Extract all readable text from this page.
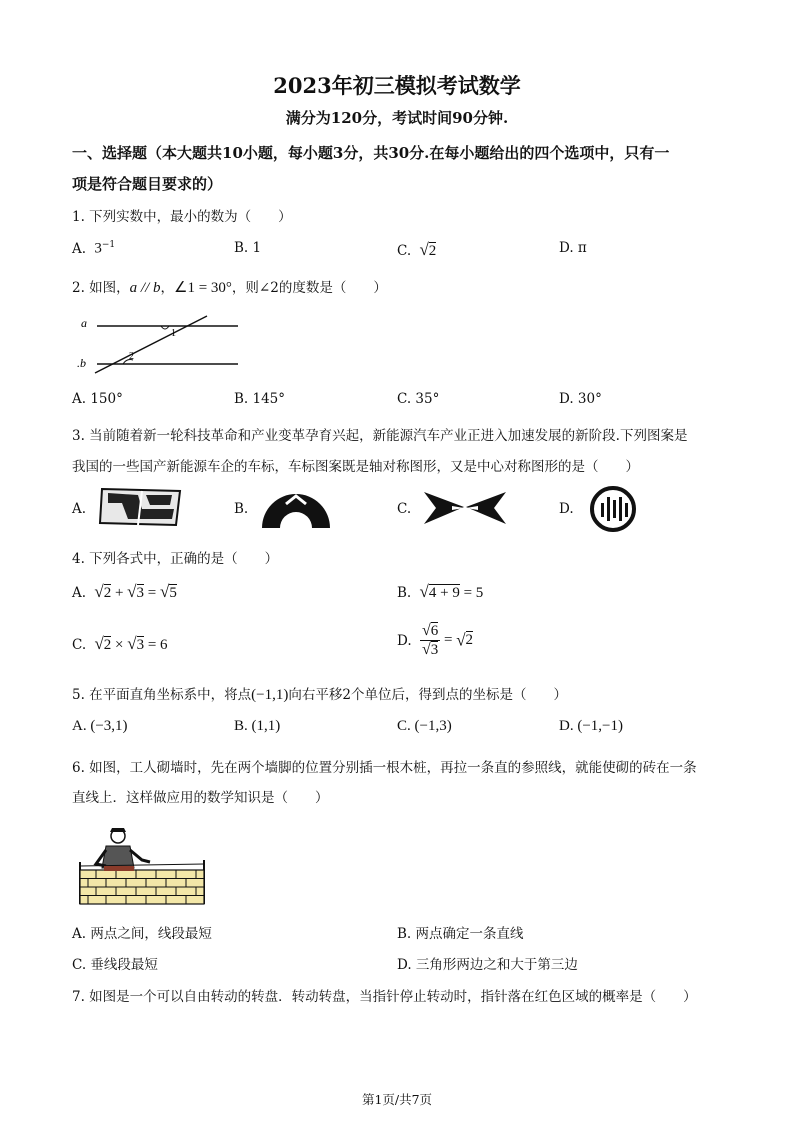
2023年初三模拟考试数学
满分为120分，考试时间90分钟.
一、选择题（本大题共10小题，每小题3分，共30分.在每小题给出的四个选项中，只有一
项是符合题目要求的）
1. 下列实数中，最小的数为（　　）
A. $3^{-1}$	B. 1	C. √2	D. π
2. 如图，a // b，∠1 = 30°，则∠2的度数是（　　）
a
.b
1
2
A. 150°	B. 145°	C. 35°	D. 30°
3. 当前随着新一轮科技革命和产业变革孕育兴起，新能源汽车产业正进入加速发展的新阶段.下列图案是
我国的一些国产新能源车企的车标，车标图案既是轴对称图形，又是中心对称图形的是（　　）
A.	B.	C.	D.
4. 下列各式中，正确的是（　　）
A. √2 + √3 = √5	B. √4 + 9 = 5
C. √2 × √3 = 6	D. $\frac{√6}{√3} = √2$
5. 在平面直角坐标系中，将点(−1,1)向右平移2个单位后，得到点的坐标是（　　）
A. (−3,1)	B. (1,1)	C. (−1,3)	D. (−1,−1)
6. 如图，工人砌墙时，先在两个墙脚的位置分别插一根木桩，再拉一条直的参照线，就能使砌的砖在一条
直线上．这样做应用的数学知识是（　　）
A. 两点之间，线段最短	B. 两点确定一条直线
C. 垂线段最短	D. 三角形两边之和大于第三边
7. 如图是一个可以自由转动的转盘．转动转盘，当指针停止转动时，指针落在红色区域的概率是（　　）
第1页/共7页
